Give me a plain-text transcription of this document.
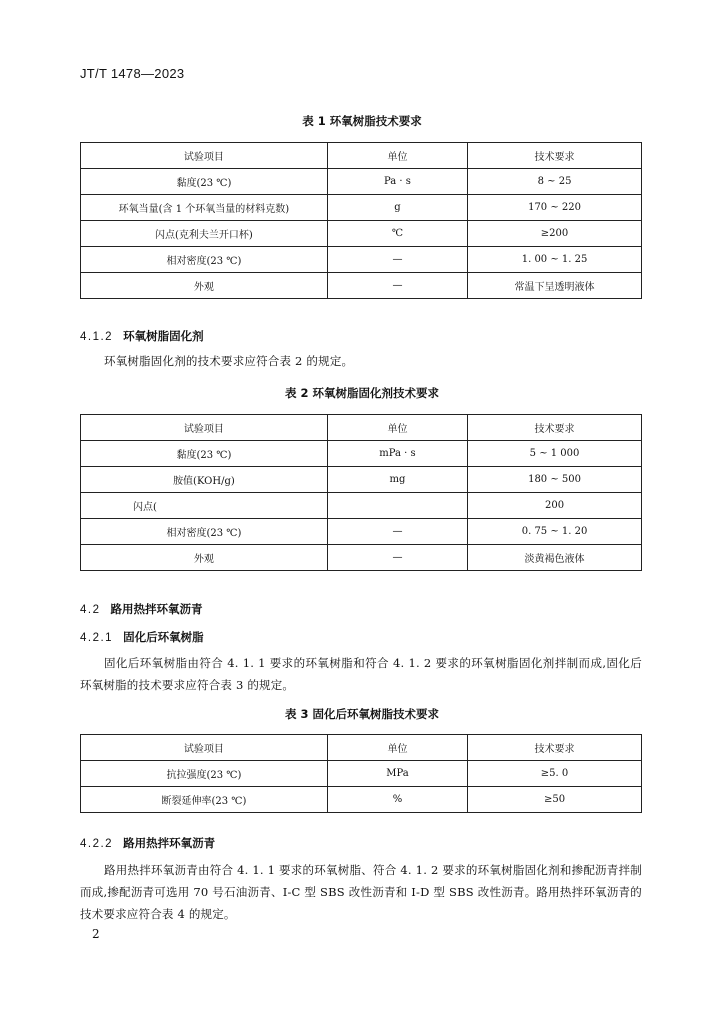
JT/T 1478—2023
表 1 环氧树脂技术要求
试验项目	单位	技术要求
黏度(23 ℃)	Pa · s	8 ~ 25
环氧当量(含 1 个环氧当量的材料克数)	g	170 ~ 220
闪点(克利夫兰开口杯)	℃	≥200
相对密度(23 ℃)	—	1. 00 ~ 1. 25
外观	—	常温下呈透明液体
4.1.2 环氧树脂固化剂
环氧树脂固化剂的技术要求应符合表 2 的规定。
表 2 环氧树脂固化剂技术要求
试验项目	单位	技术要求
黏度(23 ℃)	mPa · s	5 ~ 1 000
胺值(KOH/g)	mg	180 ~ 500
闪点(		200
相对密度(23 ℃)	—	0. 75 ~ 1. 20
外观	—	淡黄褐色液体
4.2 路用热拌环氧沥青
4.2.1 固化后环氧树脂
固化后环氧树脂由符合 4. 1. 1 要求的环氧树脂和符合 4. 1. 2 要求的环氧树脂固化剂拌制而成,固化后环氧树脂的技术要求应符合表 3 的规定。
表 3 固化后环氧树脂技术要求
试验项目	单位	技术要求
抗拉强度(23 ℃)	MPa	≥5. 0
断裂延伸率(23 ℃)	%	≥50
4.2.2 路用热拌环氧沥青
路用热拌环氧沥青由符合 4. 1. 1 要求的环氧树脂、符合 4. 1. 2 要求的环氧树脂固化剂和掺配沥青拌制而成,掺配沥青可选用 70 号石油沥青、I-C 型 SBS 改性沥青和 I-D 型 SBS 改性沥青。路用热拌环氧沥青的技术要求应符合表 4 的规定。
2
